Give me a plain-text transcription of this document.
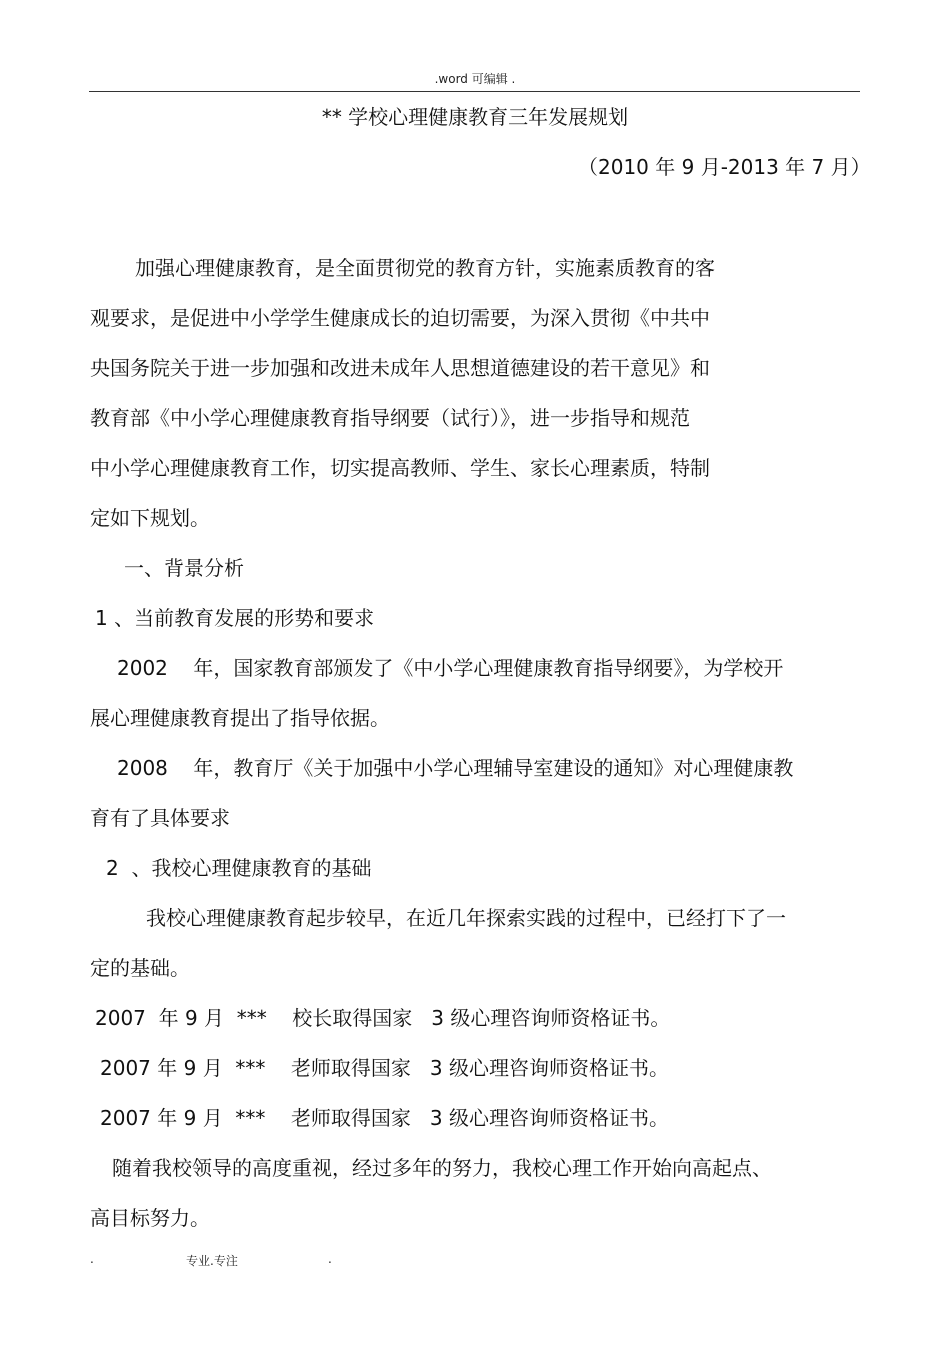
.word 可编辑 .
** 学校心理健康教育三年发展规划
（2010 年 9 月-2013 年 7 月）
加强心理健康教育，是全面贯彻党的教育方针，实施素质教育的客
观要求，是促进中小学学生健康成长的迫切需要，为深入贯彻《中共中
央国务院关于进一步加强和改进未成年人思想道德建设的若干意见》和
教育部《中小学心理健康教育指导纲要（试行）》，进一步指导和规范
中小学心理健康教育工作，切实提高教师、学生、家长心理素质，特制
定如下规划。
一、背景分析
1 、当前教育发展的形势和要求
2002    年，国家教育部颁发了《中小学心理健康教育指导纲要》，为学校开
展心理健康教育提出了指导依据。
2008    年，教育厅《关于加强中小学心理辅导室建设的通知》对心理健康教
育有了具体要求
2  、我校心理健康教育的基础
我校心理健康教育起步较早，在近几年探索实践的过程中，已经打下了一
定的基础。
2007  年 9 月  ***    校长取得国家   3 级心理咨询师资格证书。
2007 年 9 月  ***    老师取得国家   3 级心理咨询师资格证书。
2007 年 9 月  ***    老师取得国家   3 级心理咨询师资格证书。
随着我校领导的高度重视，经过多年的努力，我校心理工作开始向高起点、
高目标努力。
.	专业.专注	.
